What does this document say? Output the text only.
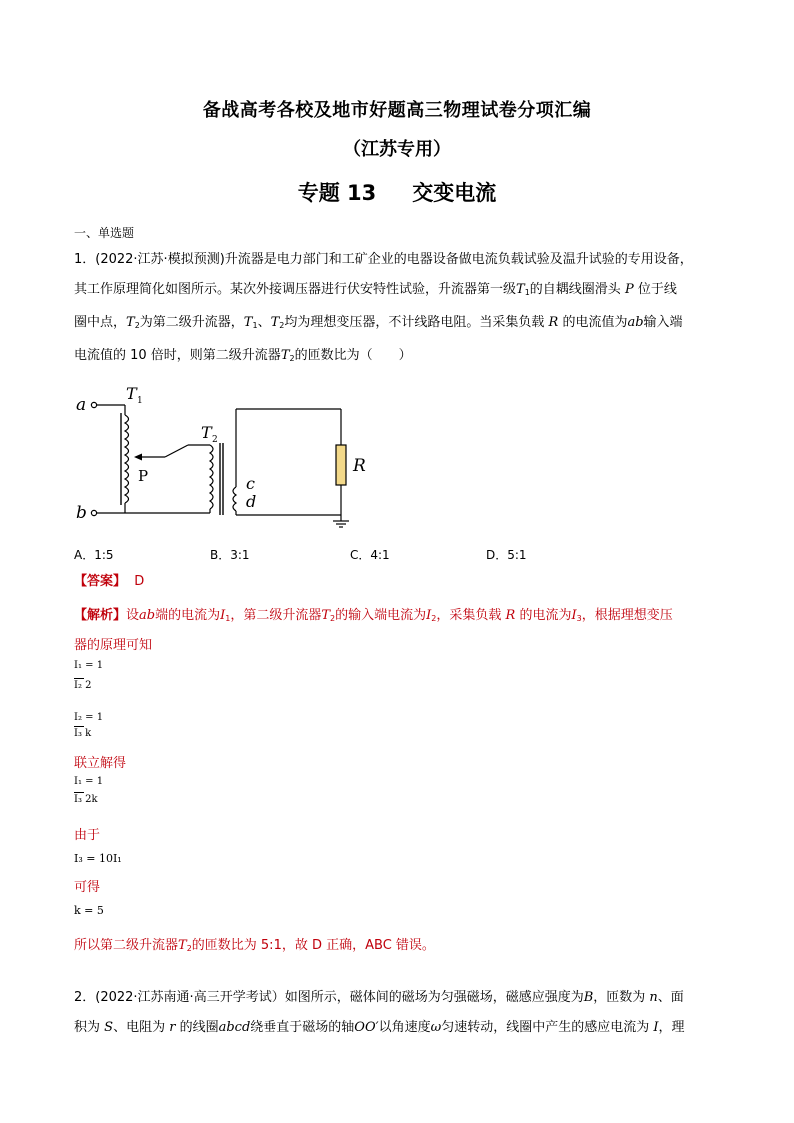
备战高考各校及地市好题高三物理试卷分项汇编
（江苏专用）
专题 13 交变电流
一、单选题
1．(2022·江苏·模拟预测)升流器是电力部门和工矿企业的电器设备做电流负载试验及温升试验的专用设备，
其工作原理简化如图所示。某次外接调压器进行伏安特性试验，升流器第一级$T_1$的自耦线圈滑头 P 位于线
圈中点，$T_2$为第二级升流器，$T_1$、$T_2$均为理想变压器，不计线路电阻。当采集负载 R 的电流值为ab输入端
电流值的 10 倍时，则第二级升流器$T_2$的匝数比为（　　）
a
b
T 1
T 2
P	c
d
R
A．1:5	B．3:1	C．4:1	D．5:1
【答案】 D
【解析】设ab端的电流为$I_1$，第二级升流器$T_2$的输入端电流为$I_2$，采集负载 R 的电流为$I_3$，根据理想变压
器的原理可知
I₁ = 1
I₂ 2
I₂ = 1
I₃ k
联立解得
I₁ = 1
I₃ 2k
由于
I₃ = 10I₁
可得
k = 5
所以第二级升流器$T_2$的匝数比为 5:1，故 D 正确，ABC 错误。
2．(2022·江苏南通·高三开学考试）如图所示，磁体间的磁场为匀强磁场，磁感应强度为B，匝数为 n、面
积为 S、电阻为 r 的线圈abcd绕垂直于磁场的轴OO′以角速度ω匀速转动，线圈中产生的感应电流为 I，理
